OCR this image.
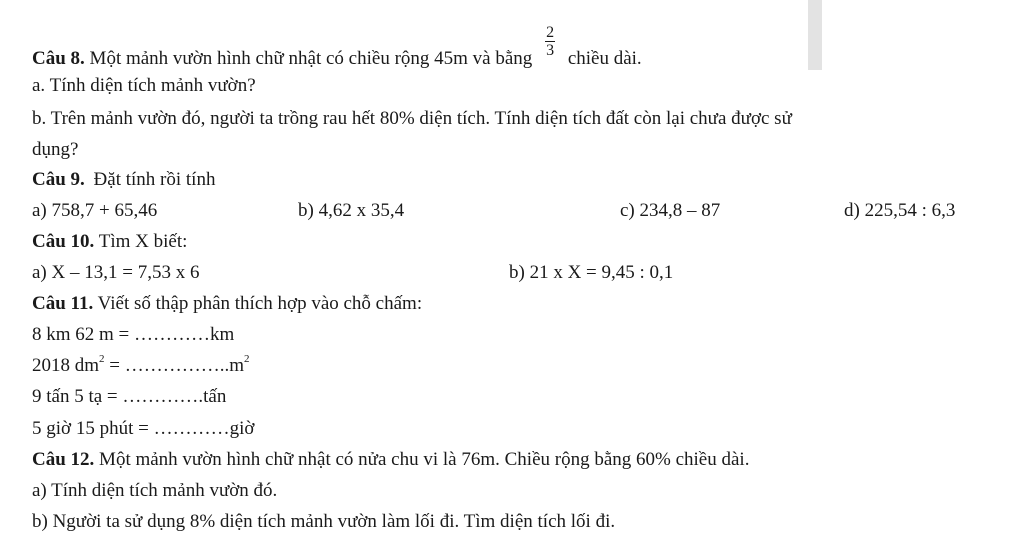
Câu 8. Một mảnh vườn hình chữ nhật có chiều rộng 45m và bằng $\frac{2}{3}$ chiều dài.
a. Tính diện tích mảnh vườn?
b. Trên mảnh vườn đó, người ta trồng rau hết 80% diện tích. Tính diện tích đất còn lại chưa được sử
dụng?
Câu 9. Đặt tính rồi tính
a) 758,7 + 65,46	b) 4,62 x 35,4	c) 234,8 – 87	d) 225,54 : 6,3
Câu 10. Tìm X biết:
a) X – 13,1 = 7,53 x 6	b) 21 x X = 9,45 : 0,1
Câu 11. Viết số thập phân thích hợp vào chỗ chấm:
8 km 62 m = …………km
2018 $dm^2$ = $\dots\dots\dots\dots\dots..m^2$
9 tấn 5 tạ = ………….tấn
5 giờ 15 phút = …………giờ
Câu 12. Một mảnh vườn hình chữ nhật có nửa chu vi là 76m. Chiều rộng bằng 60% chiều dài.
a) Tính diện tích mảnh vườn đó.
b) Người ta sử dụng 8% diện tích mảnh vườn làm lối đi. Tìm diện tích lối đi.
